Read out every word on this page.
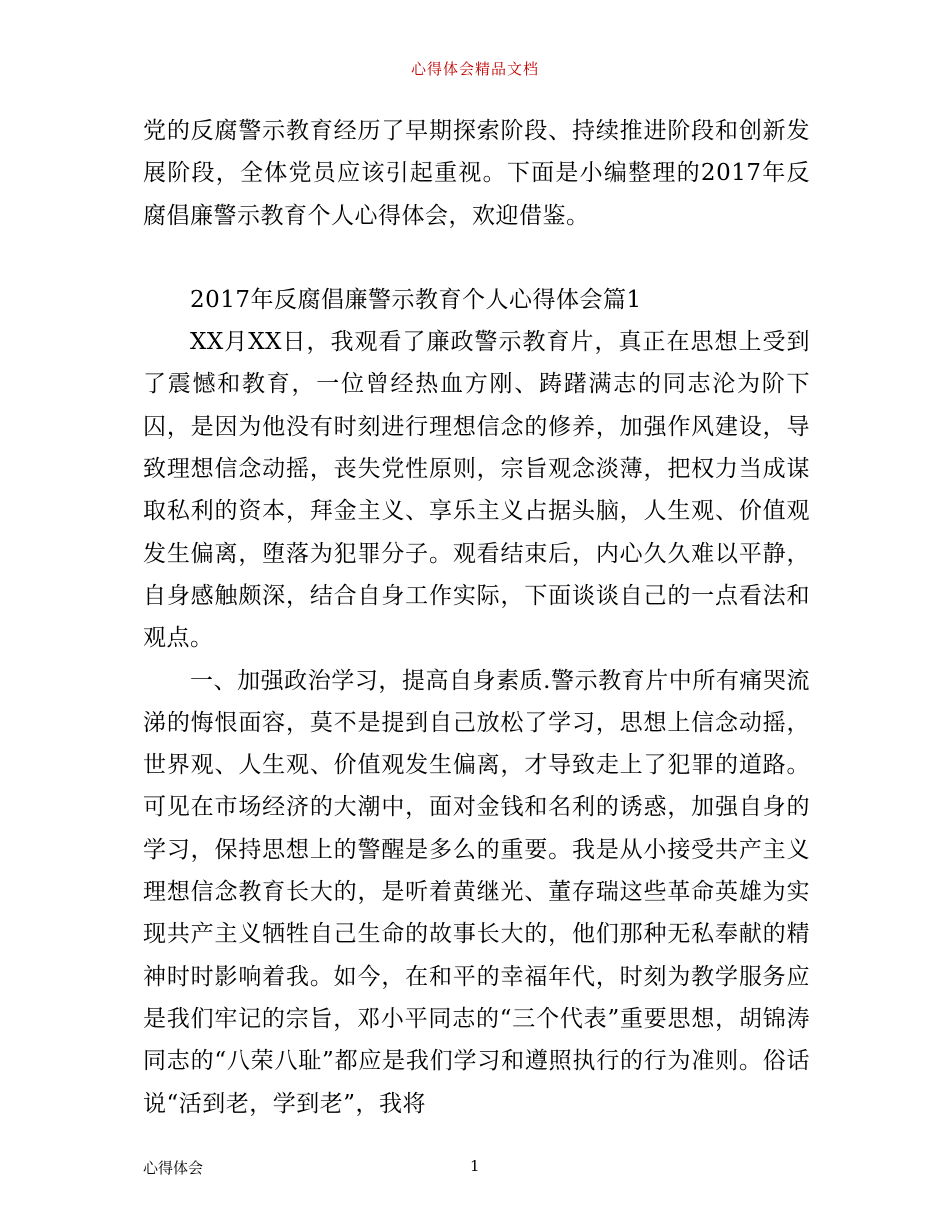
心得体会精品文档

党的反腐警示教育经历了早期探索阶段、持续推进阶段和创新发展阶段，全体党员应该引起重视。下面是小编整理的2017年反腐倡廉警示教育个人心得体会，欢迎借鉴。

2017年反腐倡廉警示教育个人心得体会篇1

XX月XX日，我观看了廉政警示教育片，真正在思想上受到了震憾和教育，一位曾经热血方刚、踌躇满志的同志沦为阶下囚，是因为他没有时刻进行理想信念的修养，加强作风建设，导致理想信念动摇，丧失党性原则，宗旨观念淡薄，把权力当成谋取私利的资本，拜金主义、享乐主义占据头脑，人生观、价值观发生偏离，堕落为犯罪分子。观看结束后，内心久久难以平静，自身感触颇深，结合自身工作实际，下面谈谈自己的一点看法和观点。

一、加强政治学习，提高自身素质.警示教育片中所有痛哭流涕的悔恨面容，莫不是提到自己放松了学习，思想上信念动摇，世界观、人生观、价值观发生偏离，才导致走上了犯罪的道路。可见在市场经济的大潮中，面对金钱和名利的诱惑，加强自身的学习，保持思想上的警醒是多么的重要。我是从小接受共产主义理想信念教育长大的，是听着黄继光、董存瑞这些革命英雄为实现共产主义牺牲自己生命的故事长大的，他们那种无私奉献的精神时时影响着我。如今，在和平的幸福年代，时刻为教学服务应是我们牢记的宗旨，邓小平同志的“三个代表”重要思想，胡锦涛同志的“八荣八耻”都应是我们学习和遵照执行的行为准则。俗话说“活到老，学到老”，我将

心得体会	1
